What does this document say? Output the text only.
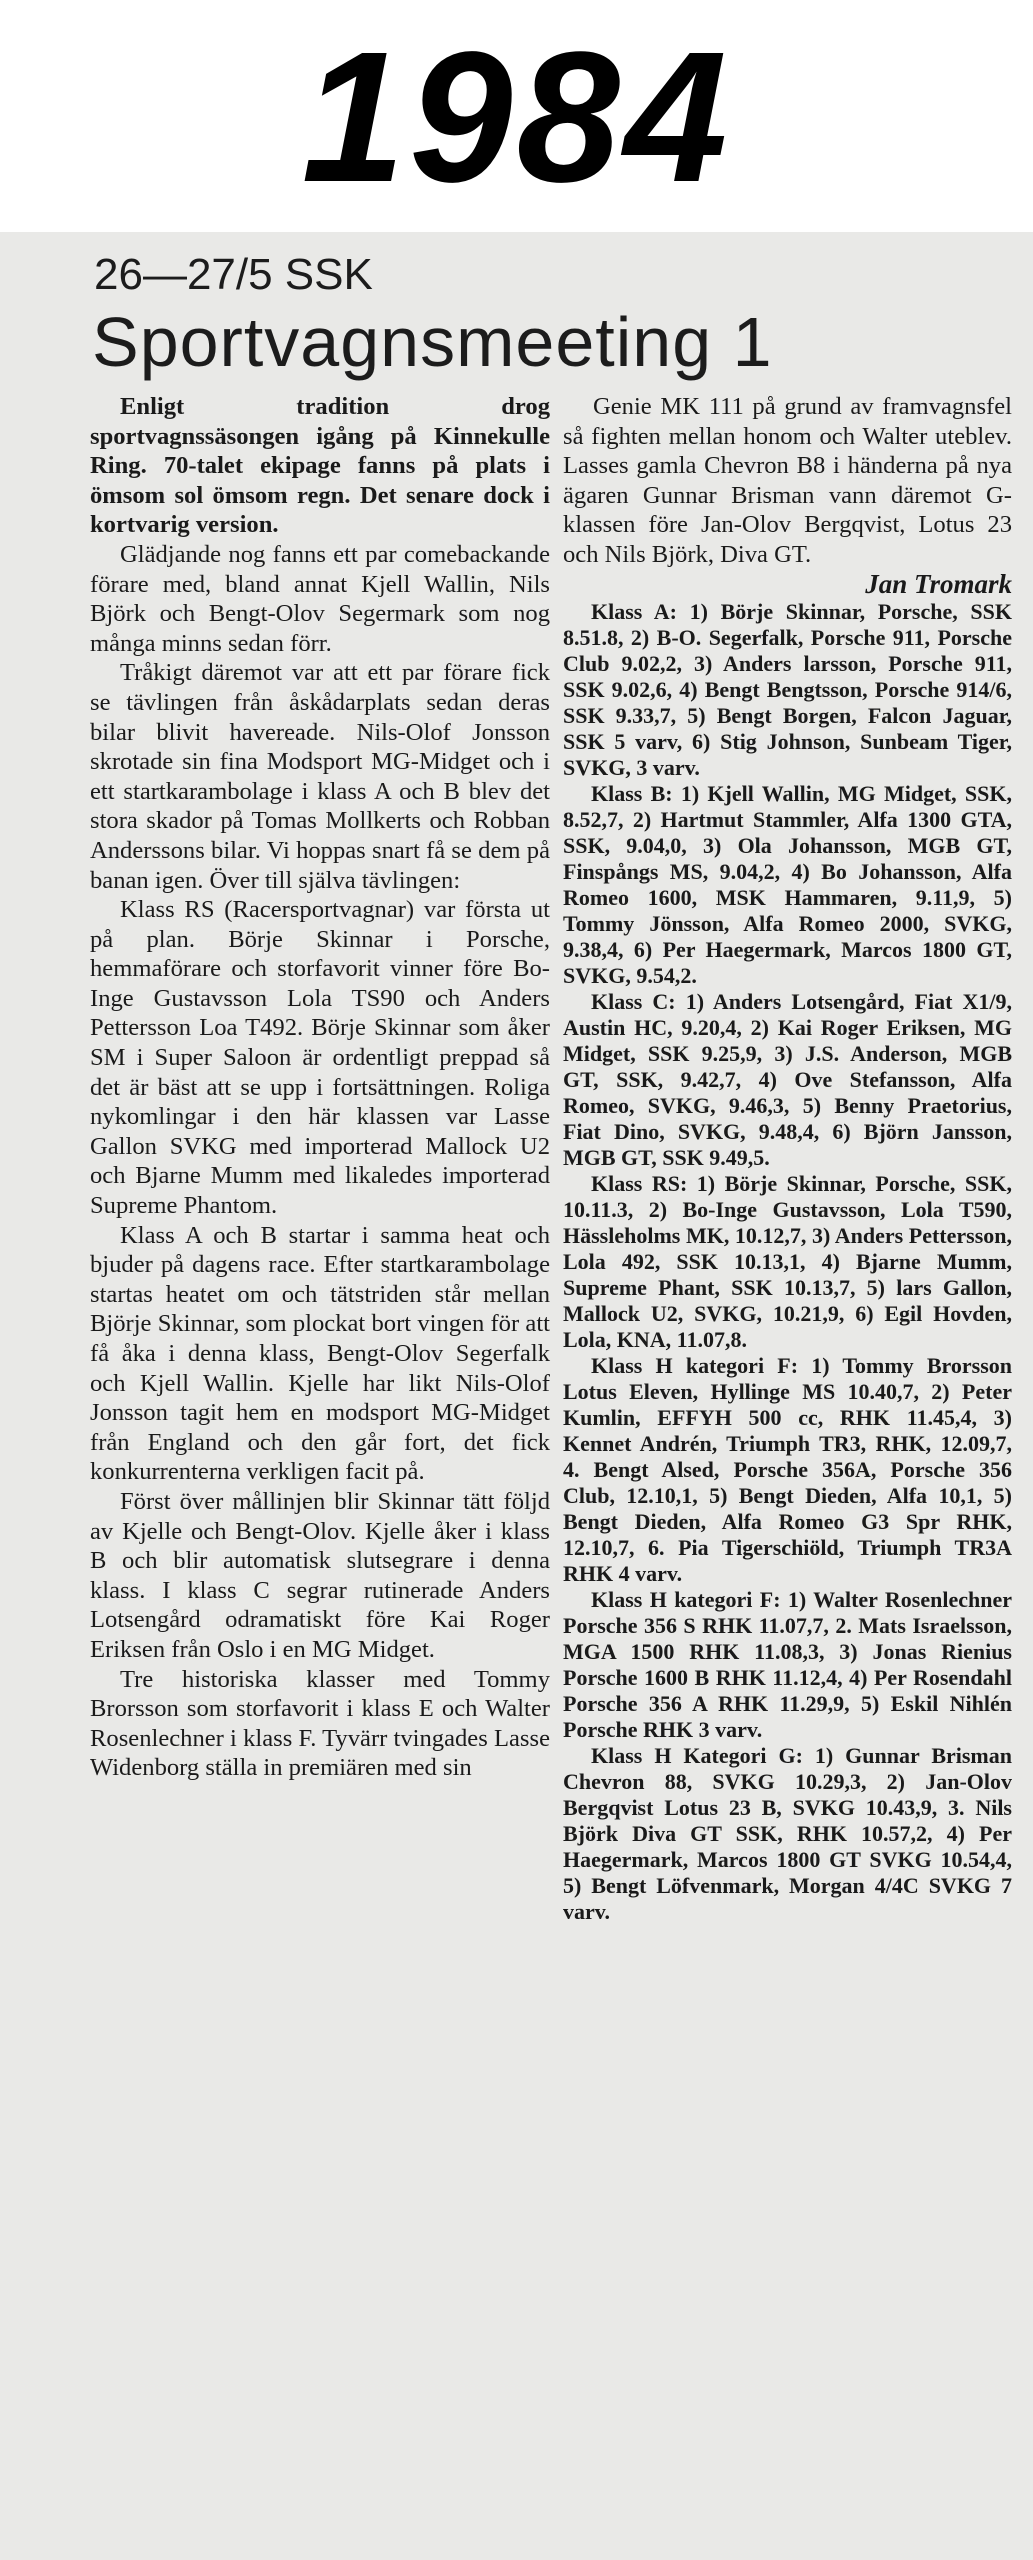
1984
26—27/5 SSK
Sportvagnsmeeting 1

Enligt tradition drog sportvagnssäsongen igång på Kinnekulle Ring. 70-talet ekipage fanns på plats i ömsom sol ömsom regn. Det senare dock i kortvarig version.

Glädjande nog fanns ett par comebackande förare med, bland annat Kjell Wallin, Nils Björk och Bengt-Olov Segermark som nog många minns sedan förr.

Tråkigt däremot var att ett par förare fick se tävlingen från åskådarplats sedan deras bilar blivit havereade. Nils-Olof Jonsson skrotade sin fina Modsport MG-Midget och i ett startkarambolage i klass A och B blev det stora skador på Tomas Mollkerts och Robban Anderssons bilar. Vi hoppas snart få se dem på banan igen. Över till själva tävlingen:

Klass RS (Racersportvagnar) var första ut på plan. Börje Skinnar i Porsche, hemmaförare och storfavorit vinner före Bo-Inge Gustavsson Lola TS90 och Anders Pettersson Loa T492. Börje Skinnar som åker SM i Super Saloon är ordentligt preppad så det är bäst att se upp i fortsättningen. Roliga nykomlingar i den här klassen var Lasse Gallon SVKG med importerad Mallock U2 och Bjarne Mumm med likaledes importerad Supreme Phantom.

Klass A och B startar i samma heat och bjuder på dagens race. Efter startkarambolage startas heatet om och tätstriden står mellan Björje Skinnar, som plockat bort vingen för att få åka i denna klass, Bengt-Olov Segerfalk och Kjell Wallin. Kjelle har likt Nils-Olof Jonsson tagit hem en modsport MG-Midget från England och den går fort, det fick konkurrenterna verkligen facit på.

Först över mållinjen blir Skinnar tätt följd av Kjelle och Bengt-Olov. Kjelle åker i klass B och blir automatisk slutsegrare i denna klass. I klass C segrar rutinerade Anders Lotsengård odramatiskt före Kai Roger Eriksen från Oslo i en MG Midget.

Tre historiska klasser med Tommy Brorsson som storfavorit i klass E och Walter Rosenlechner i klass F. Tyvärr tvingades Lasse Widenborg ställa in premiären med sin

Genie MK 111 på grund av framvagnsfel så fighten mellan honom och Walter uteblev. Lasses gamla Chevron B8 i händerna på nya ägaren Gunnar Brisman vann däremot G-klassen före Jan-Olov Bergqvist, Lotus 23 och Nils Björk, Diva GT.

Jan Tromark

Klass A: 1) Börje Skinnar, Porsche, SSK 8.51.8, 2) B-O. Segerfalk, Porsche 911, Porsche Club 9.02,2, 3) Anders larsson, Porsche 911, SSK 9.02,6, 4) Bengt Bengtsson, Porsche 914/6, SSK 9.33,7, 5) Bengt Borgen, Falcon Jaguar, SSK 5 varv, 6) Stig Johnson, Sunbeam Tiger, SVKG, 3 varv.

Klass B: 1) Kjell Wallin, MG Midget, SSK, 8.52,7, 2) Hartmut Stammler, Alfa 1300 GTA, SSK, 9.04,0, 3) Ola Johansson, MGB GT, Finspångs MS, 9.04,2, 4) Bo Johansson, Alfa Romeo 1600, MSK Hammaren, 9.11,9, 5) Tommy Jönsson, Alfa Romeo 2000, SVKG, 9.38,4, 6) Per Haegermark, Marcos 1800 GT, SVKG, 9.54,2.

Klass C: 1) Anders Lotsengård, Fiat X1/9, Austin HC, 9.20,4, 2) Kai Roger Eriksen, MG Midget, SSK 9.25,9, 3) J.S. Anderson, MGB GT, SSK, 9.42,7, 4) Ove Stefansson, Alfa Romeo, SVKG, 9.46,3, 5) Benny Praetorius, Fiat Dino, SVKG, 9.48,4, 6) Björn Jansson, MGB GT, SSK 9.49,5.

Klass RS: 1) Börje Skinnar, Porsche, SSK, 10.11.3, 2) Bo-Inge Gustavsson, Lola T590, Hässleholms MK, 10.12,7, 3) Anders Pettersson, Lola 492, SSK 10.13,1, 4) Bjarne Mumm, Supreme Phant, SSK 10.13,7, 5) lars Gallon, Mallock U2, SVKG, 10.21,9, 6) Egil Hovden, Lola, KNA, 11.07,8.

Klass H kategori F: 1) Tommy Brorsson Lotus Eleven, Hyllinge MS 10.40,7, 2) Peter Kumlin, EFFYH 500 cc, RHK 11.45,4, 3) Kennet Andrén, Triumph TR3, RHK, 12.09,7, 4. Bengt Alsed, Porsche 356A, Porsche 356 Club, 12.10,1, 5) Bengt Dieden, Alfa 10,1, 5) Bengt Dieden, Alfa Romeo G3 Spr RHK, 12.10,7, 6. Pia Tigerschiöld, Triumph TR3A RHK 4 varv.

Klass H kategori F: 1) Walter Rosenlechner Porsche 356 S RHK 11.07,7, 2. Mats Israelsson, MGA 1500 RHK 11.08,3, 3) Jonas Rienius Porsche 1600 B RHK 11.12,4, 4) Per Rosendahl Porsche 356 A RHK 11.29,9, 5) Eskil Nihlén Porsche RHK 3 varv.

Klass H Kategori G: 1) Gunnar Brisman Chevron 88, SVKG 10.29,3, 2) Jan-Olov Bergqvist Lotus 23 B, SVKG 10.43,9, 3. Nils Björk Diva GT SSK, RHK 10.57,2, 4) Per Haegermark, Marcos 1800 GT SVKG 10.54,4, 5) Bengt Löfvenmark, Morgan 4/4C SVKG 7 varv.
